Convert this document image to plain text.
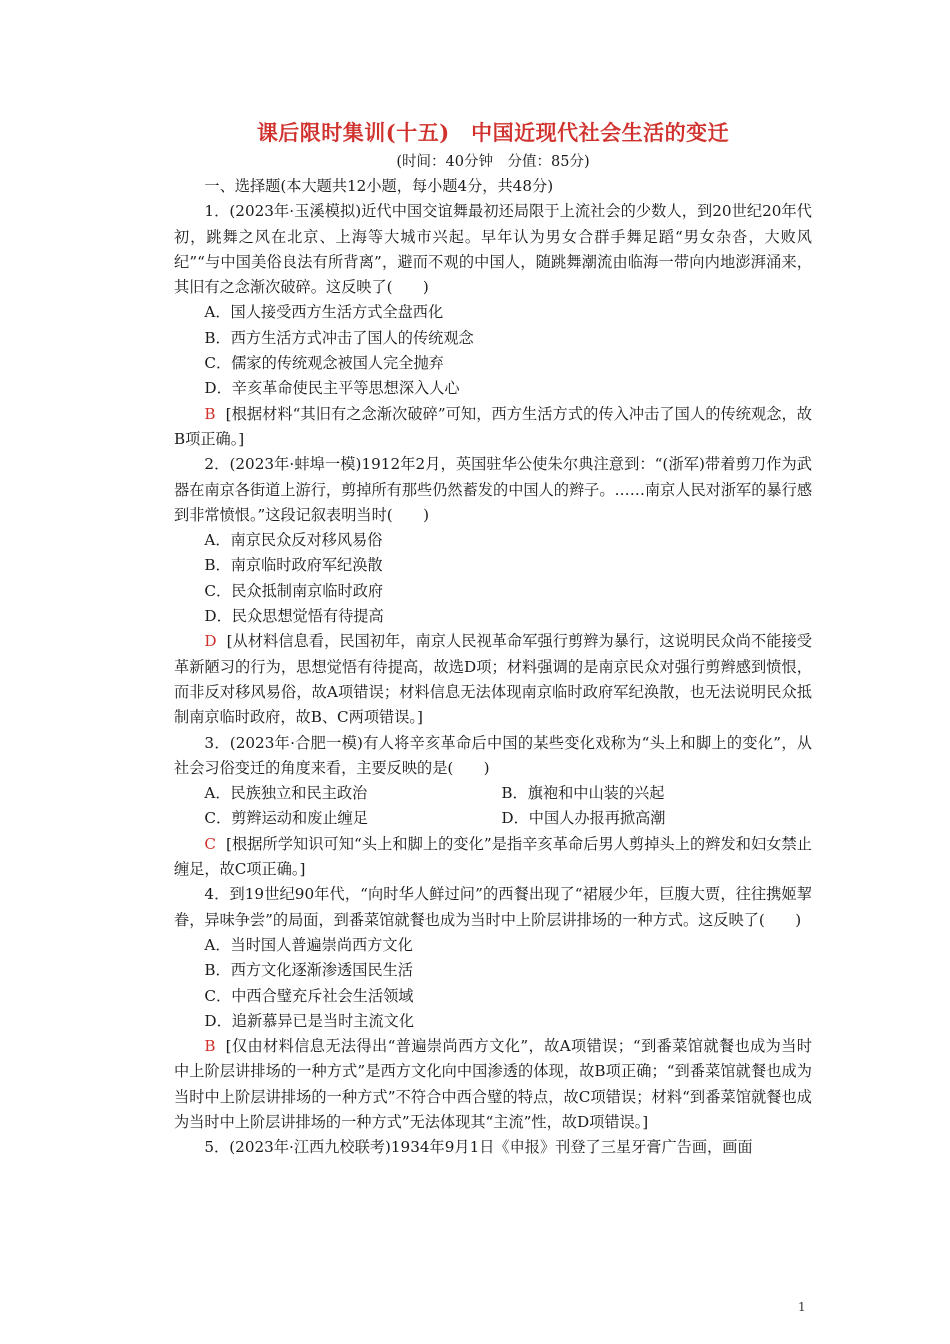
课后限时集训(十五)　中国近现代社会生活的变迁
(时间：40分钟　分值：85分)

一、选择题(本大题共12小题，每小题4分，共48分)

1．(2023年·玉溪模拟)近代中国交谊舞最初还局限于上流社会的少数人，到20世纪20年代初，跳舞之风在北京、上海等大城市兴起。早年认为男女合群手舞足蹈“男女杂沓，大败风纪”“与中国美俗良法有所背离”，避而不观的中国人，随跳舞潮流由临海一带向内地澎湃涌来，其旧有之念渐次破碎。这反映了(　　)

A．国人接受西方生活方式全盘西化

B．西方生活方式冲击了国人的传统观念

C．儒家的传统观念被国人完全抛弃

D．辛亥革命使民主平等思想深入人心

B [根据材料“其旧有之念渐次破碎”可知，西方生活方式的传入冲击了国人的传统观念，故B项正确。]

2．(2023年·蚌埠一模)1912年2月，英国驻华公使朱尔典注意到：“(浙军)带着剪刀作为武器在南京各街道上游行，剪掉所有那些仍然蓄发的中国人的辫子。……南京人民对浙军的暴行感到非常愤恨。”这段记叙表明当时(　　)

A．南京民众反对移风易俗

B．南京临时政府军纪涣散

C．民众抵制南京临时政府

D．民众思想觉悟有待提高

D [从材料信息看，民国初年，南京人民视革命军强行剪辫为暴行，这说明民众尚不能接受革新陋习的行为，思想觉悟有待提高，故选D项；材料强调的是南京民众对强行剪辫感到愤恨，而非反对移风易俗，故A项错误；材料信息无法体现南京临时政府军纪涣散，也无法说明民众抵制南京临时政府，故B、C两项错误。]

3．(2023年·合肥一模)有人将辛亥革命后中国的某些变化戏称为“头上和脚上的变化”，从社会习俗变迁的角度来看，主要反映的是(　　)

A．民族独立和民主政治	B．旗袍和中山装的兴起
C．剪辫运动和废止缠足	D．中国人办报再掀高潮

C [根据所学知识可知“头上和脚上的变化”是指辛亥革命后男人剪掉头上的辫发和妇女禁止缠足，故C项正确。]

4．到19世纪90年代，“向时华人鲜过问”的西餐出现了“裙屐少年，巨腹大贾，往往携姬挈眷，异味争尝”的局面，到番菜馆就餐也成为当时中上阶层讲排场的一种方式。这反映了(　　)

A．当时国人普遍崇尚西方文化

B．西方文化逐渐渗透国民生活

C．中西合璧充斥社会生活领域

D．追新慕异已是当时主流文化

B [仅由材料信息无法得出“普遍崇尚西方文化”，故A项错误；“到番菜馆就餐也成为当时中上阶层讲排场的一种方式”是西方文化向中国渗透的体现，故B项正确；“到番菜馆就餐也成为当时中上阶层讲排场的一种方式”不符合中西合璧的特点，故C项错误；材料“到番菜馆就餐也成为当时中上阶层讲排场的一种方式”无法体现其“主流”性，故D项错误。]

5．(2023年·江西九校联考)1934年9月1日《申报》刊登了三星牙膏广告画，画面

1
